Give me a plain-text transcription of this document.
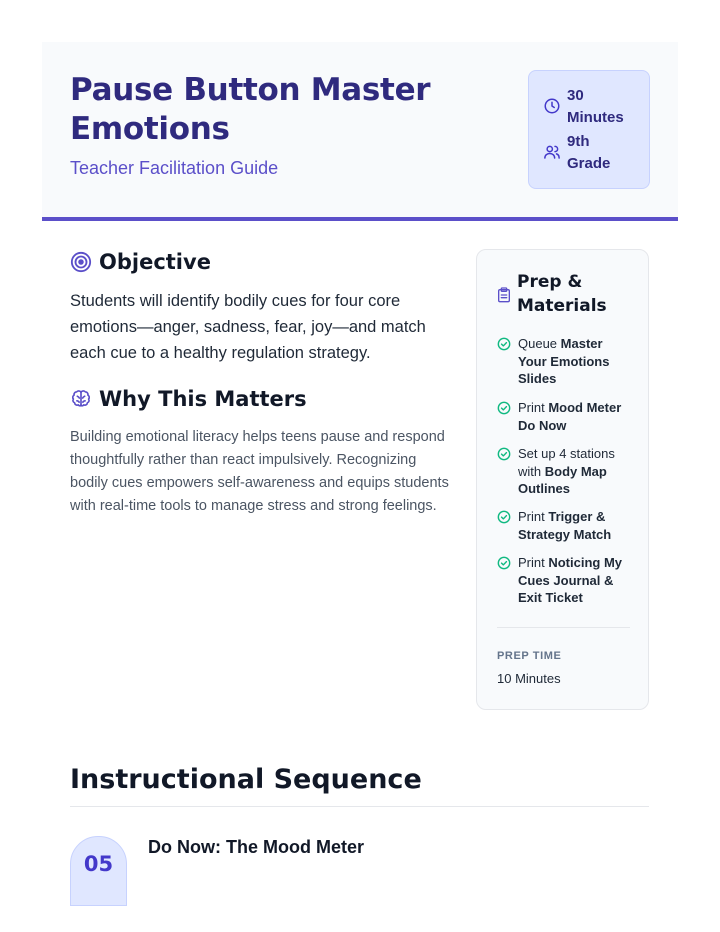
Pause Button Master Emotions
Teacher Facilitation Guide
30 Minutes
9th Grade
Objective

Students will identify bodily cues for four core emotions—anger, sadness, fear, joy—and match each cue to a healthy regulation strategy.

Why This Matters

Building emotional literacy helps teens pause and respond thoughtfully rather than react impulsively. Recognizing bodily cues empowers self-awareness and equips students with real-time tools to manage stress and strong feelings.

Prep & Materials
Queue Master Your Emotions Slides
Print Mood Meter Do Now
Set up 4 stations with Body Map Outlines
Print Trigger & Strategy Match
Print Noticing My Cues Journal & Exit Ticket
PREP TIME
10 Minutes
Instructional Sequence
05
Do Now: The Mood Meter
